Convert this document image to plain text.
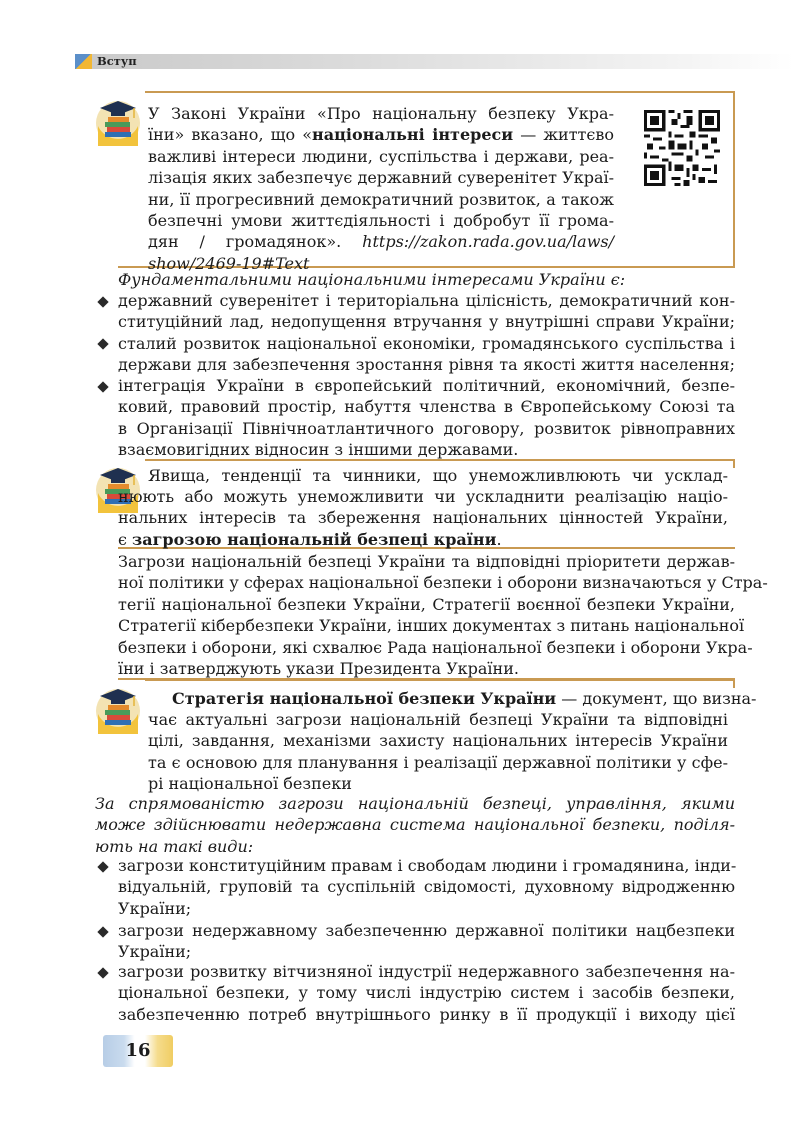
Вступ
У Законі України «Про національну безпеку Укра-
їни» вказано, що «національні інтереси — життєво
важливі інтереси людини, суспільства і держави, реа-
лізація яких забезпечує державний суверенітет Украї-
ни, її прогресивний демократичний розвиток, а також
безпечні умови життєдіяльності і добробут її грома-
дян / громадянок». https://zakon.rada.gov.ua/laws/
show/2469-19#Text
Фундаментальними національними інтересами України є:
державний суверенітет і територіальна цілісність, демократичний кон-
ституційний лад, недопущення втручання у внутрішні справи України;
сталий розвиток національної економіки, громадянського суспільства і
держави для забезпечення зростання рівня та якості життя населення;
інтеграція України в європейський політичний, економічний, безпе-
ковий, правовий простір, набуття членства в Європейському Союзі та
в Організації Північноатлантичного договору, розвиток рівноправних
взаємовигідних відносин з іншими державами.
Явища, тенденції та чинники, що унеможливлюють чи усклад-
нюють або можуть унеможливити чи ускладнити реалізацію націо-
нальних інтересів та збереження національних цінностей України,
є загрозою національній безпеці країни.
Загрози національній безпеці України та відповідні пріоритети держав-
ної політики у сферах національної безпеки і оборони визначаються у Стра-
тегії національної безпеки України, Стратегії воєнної безпеки України,
Стратегії кібербезпеки України, інших документах з питань національної
безпеки і оборони, які схвалює Рада національної безпеки і оборони Укра-
їни і затверджують укази Президента України.
Стратегія національної безпеки України — документ, що визна-
чає актуальні загрози національній безпеці України та відповідні
цілі, завдання, механізми захисту національних інтересів України
та є основою для планування і реалізації державної політики у сфе-
рі національної безпеки
За спрямованістю загрози національній безпеці, управління, якими
може здійснювати недержавна система національної безпеки, поділя-
ють на такі види:
загрози конституційним правам і свободам людини і громадянина, інди-
відуальній, груповій та суспільній свідомості, духовному відродженню
України;
загрози недержавному забезпеченню державної політики нацбезпеки
України;
загрози розвитку вітчизняної індустрії недержавного забезпечення на-
ціональної безпеки, у тому числі індустрію систем і засобів безпеки,
забезпеченню потреб внутрішнього ринку в її продукції і виходу цієї
16
